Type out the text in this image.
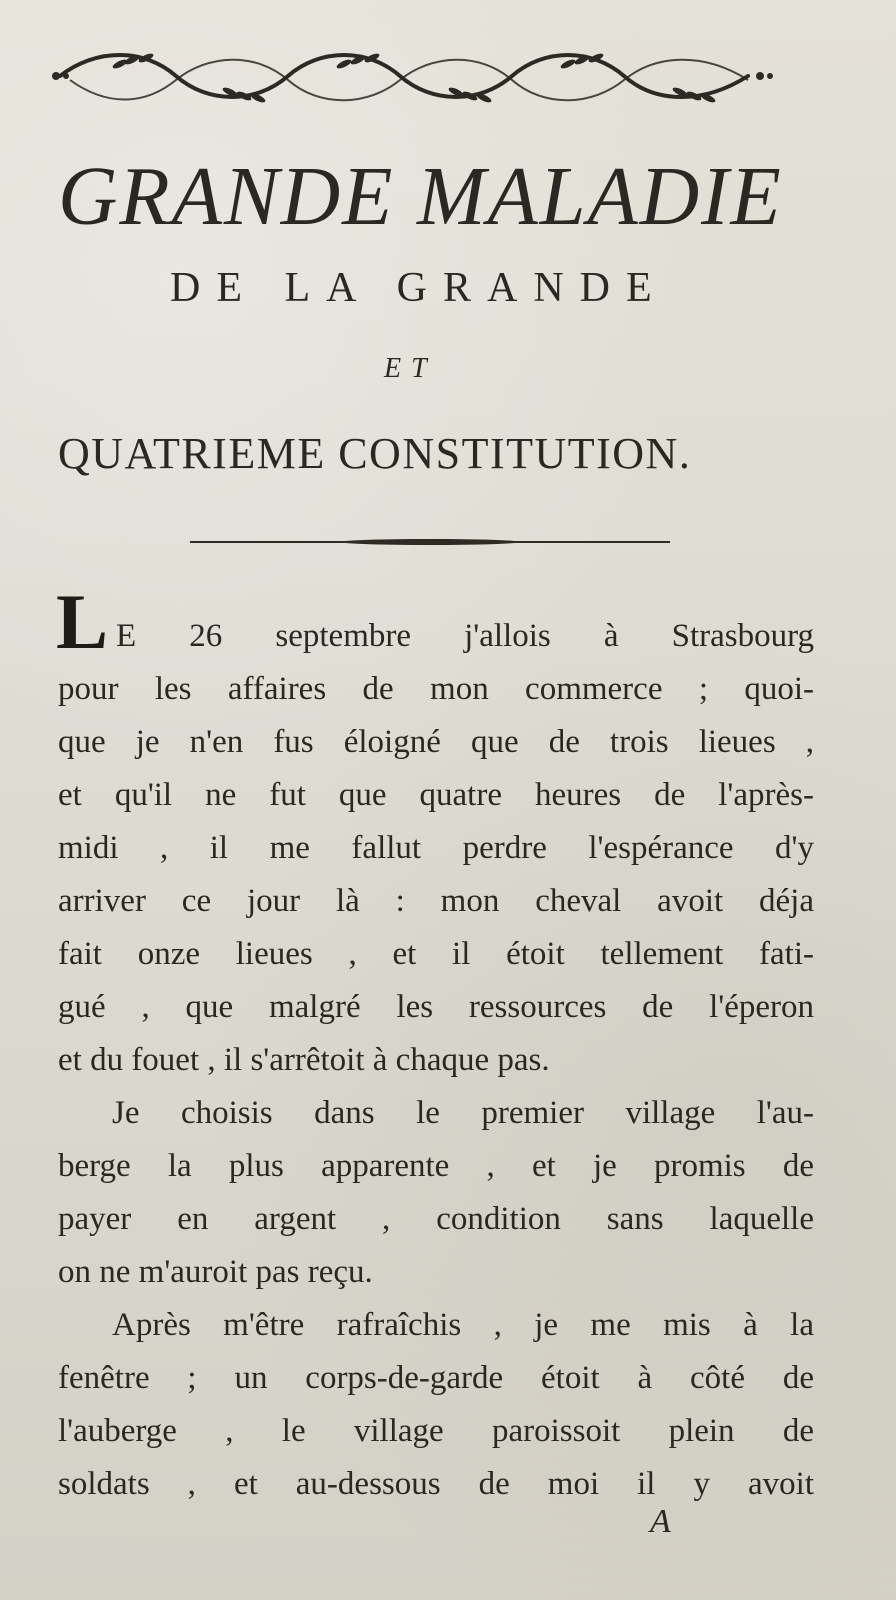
GRANDE MALADIE
DE LA GRANDE
ET
QUATRIEME CONSTITUTION.
L E 26 septembre j'allois à Strasbourg
pour les affaires de mon commerce ; quoi-
que je n'en fus éloigné que de trois lieues ,
et qu'il ne fut que quatre heures de l'après-
midi , il me fallut perdre l'espérance d'y
arriver ce jour là : mon cheval avoit déja
fait onze lieues , et il étoit tellement fati-
gué , que malgré les ressources de l'éperon
et du fouet , il s'arrêtoit à chaque pas.
Je choisis dans le premier village l'au-
berge la plus apparente , et je promis de
payer en argent , condition sans laquelle
on ne m'auroit pas reçu.
Après m'être rafraîchis , je me mis à la
fenêtre ; un corps-de-garde étoit à côté de
l'auberge , le village paroissoit plein de
soldats , et au-dessous de moi il y avoit
A
